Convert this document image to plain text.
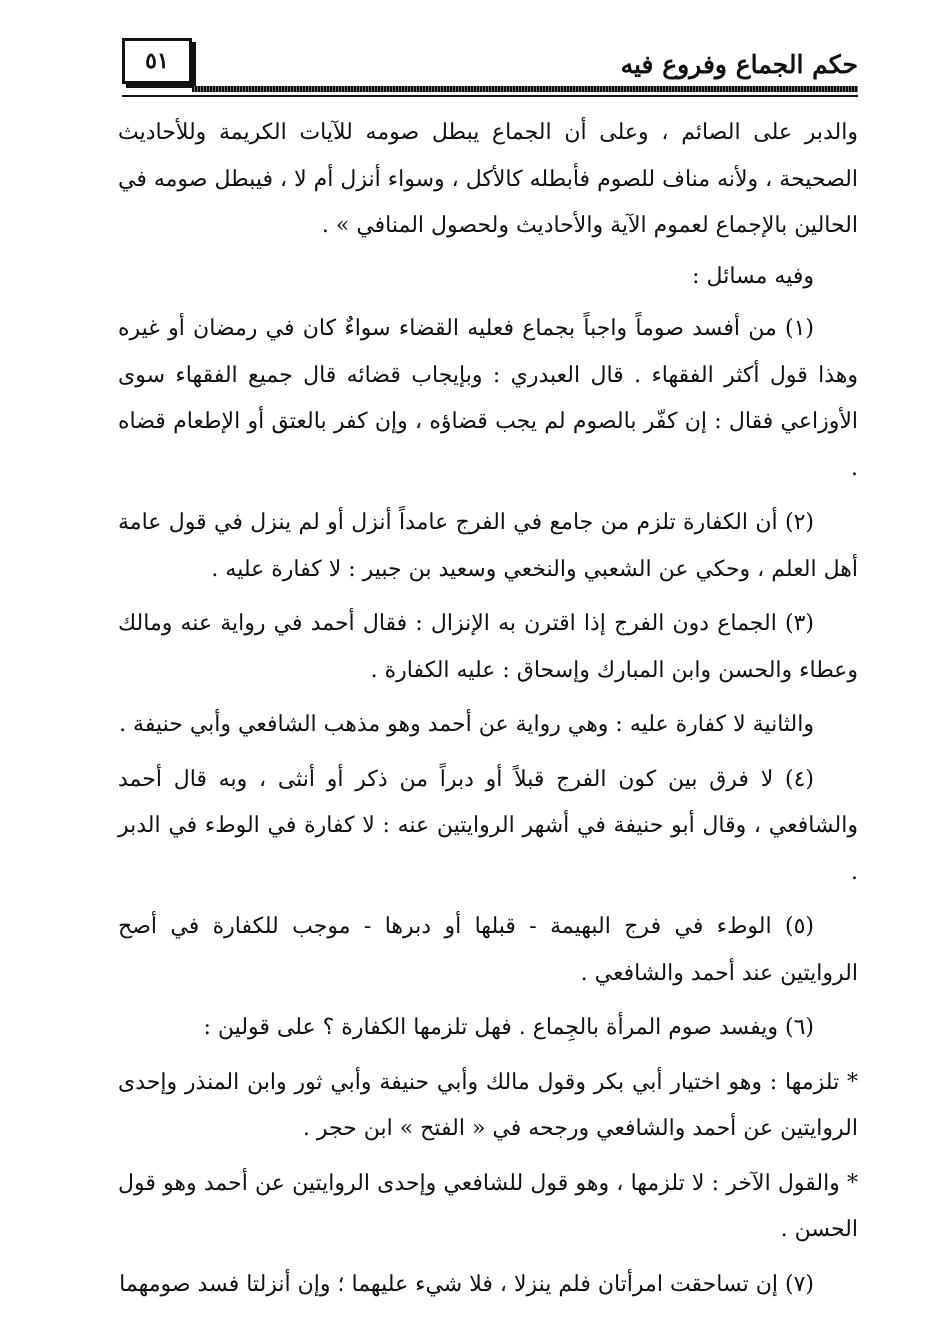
٥١	حكم الجماع وفروع فيه

والدبر على الصائم ، وعلى أن الجماع يبطل صومه للآيات الكريمة وللأحاديث الصحيحة ، ولأنه مناف للصوم فأبطله كالأكل ، وسواء أنزل أم لا ، فيبطل صومه في الحالين بالإجماع لعموم الآية والأحاديث ولحصول المنافي » .

وفيه مسائل :

(١) من أفسد صوماً واجباً بجماع فعليه القضاء سواءٌ كان في رمضان أو غيره وهذا قول أكثر الفقهاء . قال العبدري : وبإيجاب قضائه قال جميع الفقهاء سوى الأوزاعي فقال : إن كفّر بالصوم لم يجب قضاؤه ، وإن كفر بالعتق أو الإطعام قضاه .

(٢) أن الكفارة تلزم من جامع في الفرج عامداً أنزل أو لم ينزل في قول عامة أهل العلم ، وحكي عن الشعبي والنخعي وسعيد بن جبير : لا كفارة عليه .

(٣) الجماع دون الفرج إذا اقترن به الإنزال : فقال أحمد في رواية عنه ومالك وعطاء والحسن وابن المبارك وإسحاق : عليه الكفارة .

والثانية لا كفارة عليه : وهي رواية عن أحمد وهو مذهب الشافعي وأبي حنيفة .

(٤) لا فرق بين كون الفرج قبلاً أو دبراً من ذكر أو أنثى ، وبه قال أحمد والشافعي ، وقال أبو حنيفة في أشهر الروايتين عنه : لا كفارة في الوطء في الدبر .

(٥) الوطء في فرج البهيمة - قبلها أو دبرها - موجب للكفارة في أصح الروايتين عند أحمد والشافعي .

(٦) ويفسد صوم المرأة بالجِماع . فهل تلزمها الكفارة ؟ على قولين :

* تلزمها : وهو اختيار أبي بكر وقول مالك وأبي حنيفة وأبي ثور وابن المنذر وإحدى الروايتين عن أحمد والشافعي ورجحه في « الفتح » ابن حجر .

* والقول الآخر : لا تلزمها ، وهو قول للشافعي وإحدى الروايتين عن أحمد وهو قول الحسن .

(٧) إن تساحقت امرأتان فلم ينزلا ، فلا شيء عليهما ؛ وإن أنزلتا فسد صومهما
